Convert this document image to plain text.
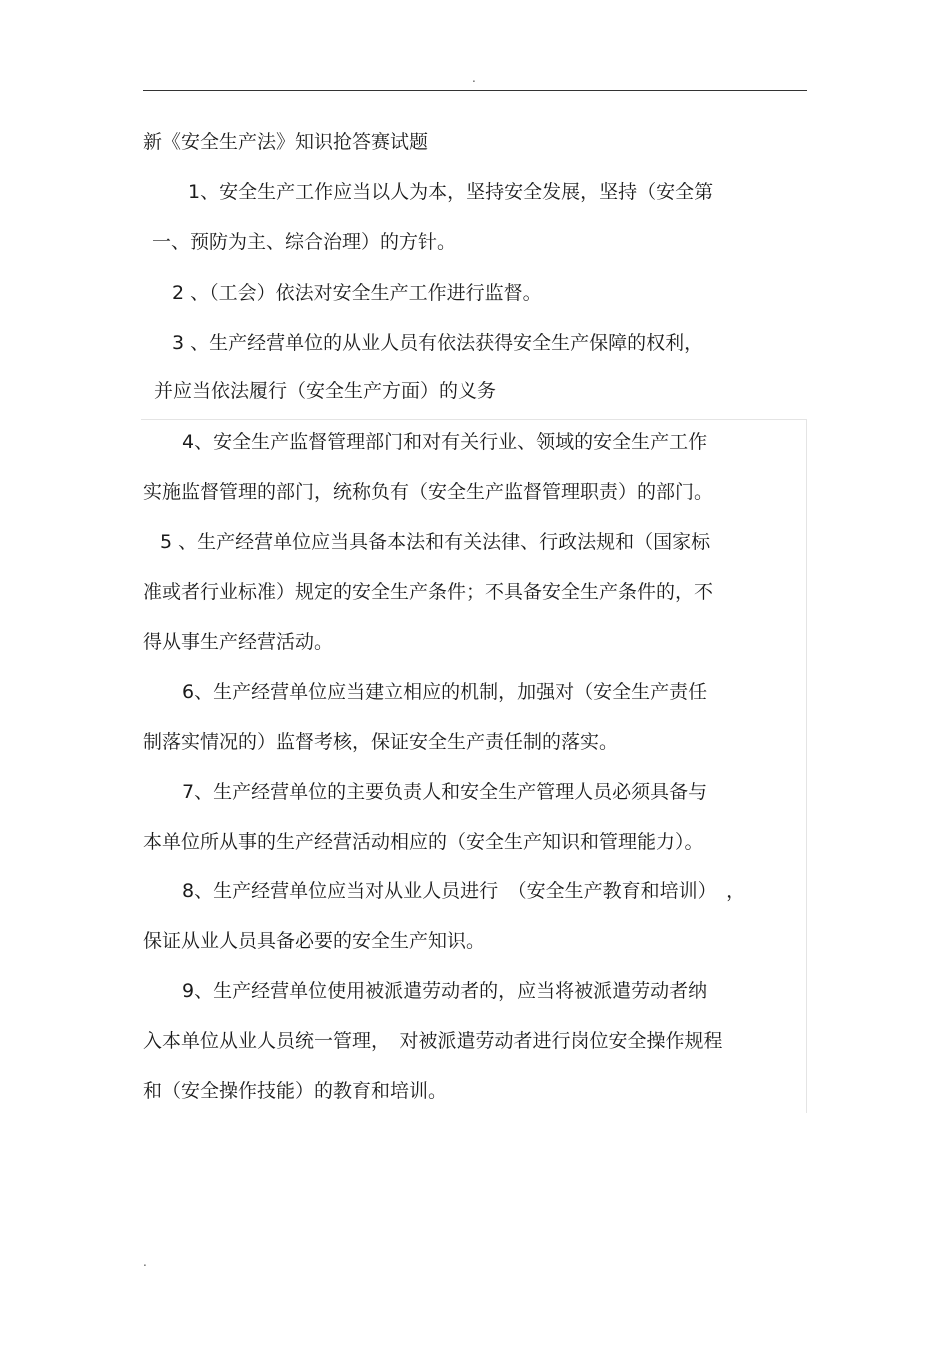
.
新《安全生产法》知识抢答赛试题
1、安全生产工作应当以人为本，坚持安全发展，坚持（安全第
一、预防为主、综合治理）的方针。
2 、（工会）依法对安全生产工作进行监督。
3 、生产经营单位的从业人员有依法获得安全生产保障的权利，
并应当依法履行（安全生产方面）的义务
4、安全生产监督管理部门和对有关行业、领域的安全生产工作
实施监督管理的部门，统称负有（安全生产监督管理职责）的部门。
5 、生产经营单位应当具备本法和有关法律、行政法规和（国家标
准或者行业标准）规定的安全生产条件；不具备安全生产条件的，不
得从事生产经营活动。
6、生产经营单位应当建立相应的机制，加强对（安全生产责任
制落实情况的）监督考核，保证安全生产责任制的落实。
7、生产经营单位的主要负责人和安全生产管理人员必须具备与
本单位所从事的生产经营活动相应的（安全生产知识和管理能力）。
8、生产经营单位应当对从业人员进行　（安全生产教育和培训）　，
保证从业人员具备必要的安全生产知识。
9、生产经营单位使用被派遣劳动者的，应当将被派遣劳动者纳
入本单位从业人员统一管理，　对被派遣劳动者进行岗位安全操作规程
和（安全操作技能）的教育和培训。
.
